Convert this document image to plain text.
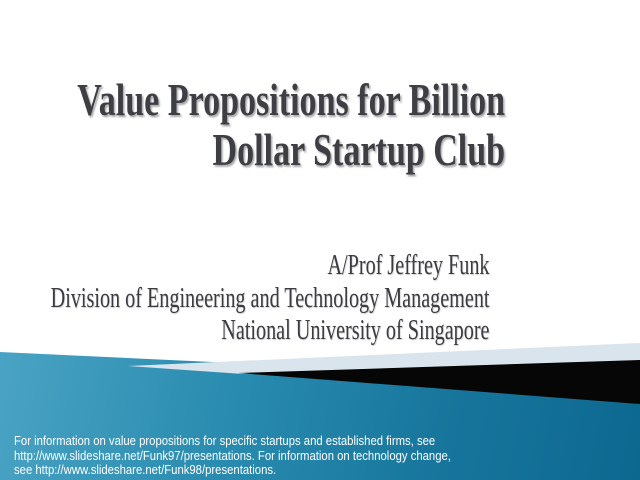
Value Propositions for Billion
Dollar Startup Club
A/Prof Jeffrey Funk
Division of Engineering and Technology Management
National University of Singapore
For information on value propositions for specific startups and established firms, see
http://www.slideshare.net/Funk97/presentations. For information on technology change,
see http://www.slideshare.net/Funk98/presentations.
